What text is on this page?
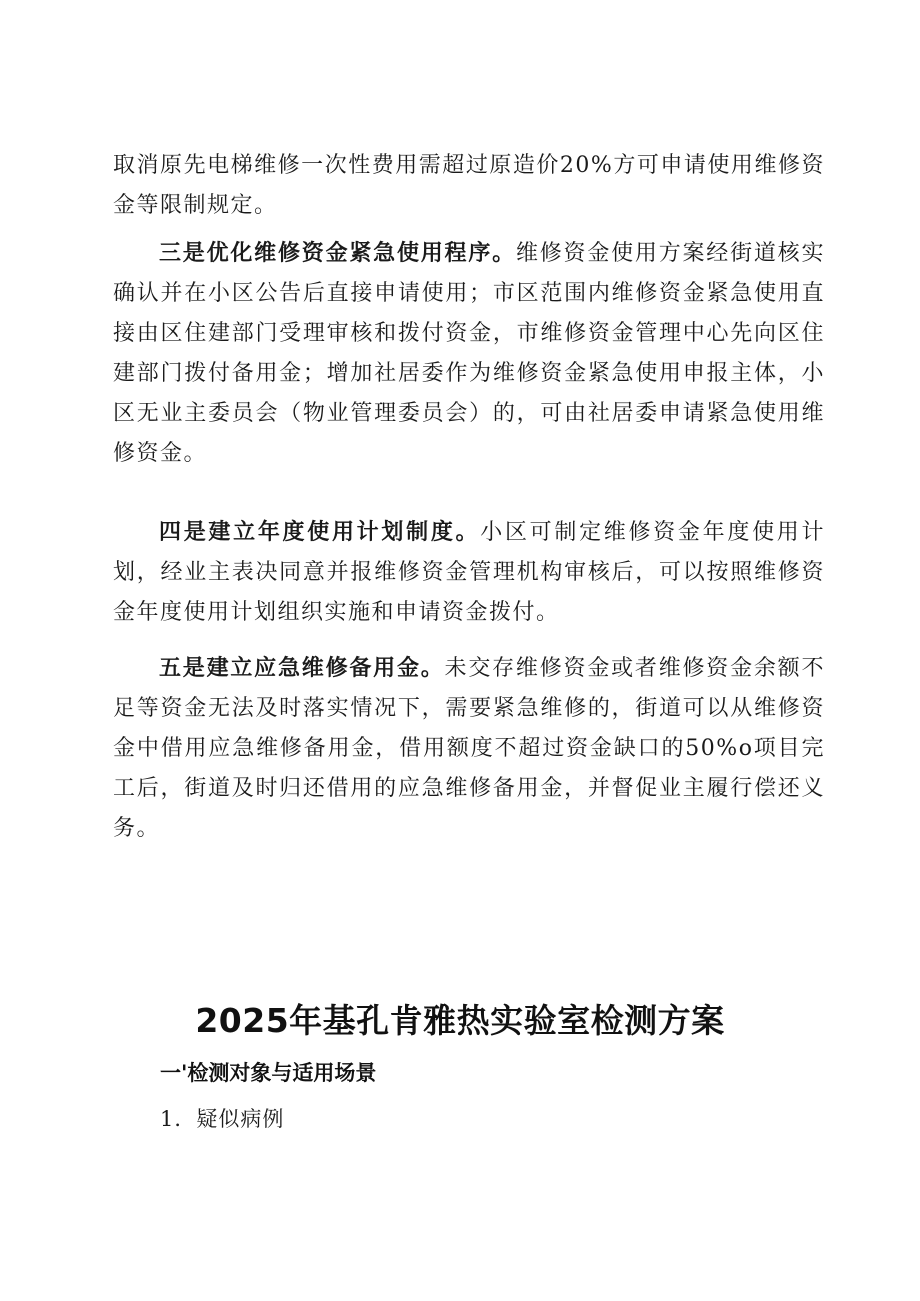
取消原先电梯维修一次性费用需超过原造价20%方可申请使用维修资金等限制规定。

三是优化维修资金紧急使用程序。维修资金使用方案经街道核实确认并在小区公告后直接申请使用；市区范围内维修资金紧急使用直接由区住建部门受理审核和拨付资金，市维修资金管理中心先向区住建部门拨付备用金；增加社居委作为维修资金紧急使用申报主体，小区无业主委员会（物业管理委员会）的，可由社居委申请紧急使用维修资金。

四是建立年度使用计划制度。小区可制定维修资金年度使用计划，经业主表决同意并报维修资金管理机构审核后，可以按照维修资金年度使用计划组织实施和申请资金拨付。

五是建立应急维修备用金。未交存维修资金或者维修资金余额不足等资金无法及时落实情况下，需要紧急维修的，街道可以从维修资金中借用应急维修备用金，借用额度不超过资金缺口的50%o项目完工后，街道及时归还借用的应急维修备用金，并督促业主履行偿还义务。

2025年基孔肯雅热实验室检测方案
一'检测对象与适用场景

1．疑似病例
